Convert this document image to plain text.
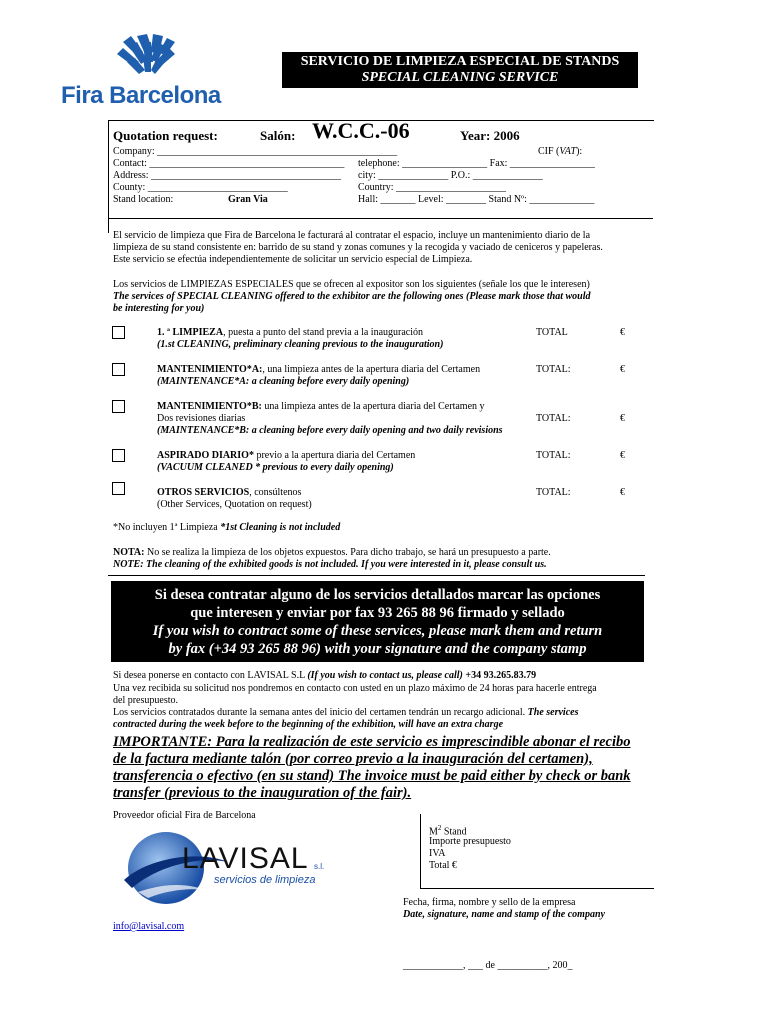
Fira Barcelona
SERVICIO DE LIMPIEZA ESPECIAL DE STANDS
SPECIAL CLEANING SERVICE
Quotation request:	Salón: W.C.C.-06	Year: 2006
Company: ________________________________________________	CIF (VAT):
Contact: _______________________________________ telephone: _________________ Fax: _________________
Address: ______________________________________ city: ______________ P.O.: ______________
County: ____________________________	Country: ______________________
Stand location:	Gran Via	Hall: _______ Level: ________ Stand Nº: _____________
El servicio de limpieza que Fira de Barcelona le facturará al contratar el espacio, incluye un mantenimiento diario de la
limpieza de su stand consistente en: barrido de su stand y zonas comunes y la recogida y vaciado de ceniceros y papeleras.
Este servicio se efectúa independientemente de solicitar un servicio especial de Limpieza.
Los servicios de LIMPIEZAS ESPECIALES que se ofrecen al expositor son los siguientes (señale los que le interesen)
The services of SPECIAL CLEANING offered to the exhibitor are the following ones (Please mark those that would
be interesting for you)
1. ª LIMPIEZA, puesta a punto del stand previa a la inauguración
(1.st CLEANING, preliminary cleaning previous to the inauguration)
TOTAL	€
MANTENIMIENTO*A:, una limpieza antes de la apertura diaria del Certamen
(MAINTENANCE*A: a cleaning before every daily opening)
TOTAL:	€
MANTENIMIENTO*B: una limpieza antes de la apertura diaria del Certamen y
Dos revisiones diarias
(MAINTENANCE*B: a cleaning before every daily opening and two daily revisions
TOTAL:	€
ASPIRADO DIARIO* previo a la apertura diaria del Certamen
(VACUUM CLEANED * previous to every daily opening)
TOTAL:	€
OTROS SERVICIOS, consúltenos
(Other Services, Quotation on request)
TOTAL:	€
*No incluyen 1ª Limpieza *1st Cleaning is not included
NOTA: No se realiza la limpieza de los objetos expuestos. Para dicho trabajo, se hará un presupuesto a parte.
NOTE: The cleaning of the exhibited goods is not included. If you were interested in it, please consult us.
Si desea contratar alguno de los servicios detallados marcar las opciones
que interesen y enviar por fax 93 265 88 96 firmado y sellado
If you wish to contract some of these services, please mark them and return
by fax (+34 93 265 88 96) with your signature and the company stamp
Si desea ponerse en contacto con LAVISAL S.L (If you wish to contact us, please call) +34 93.265.83.79
Una vez recibida su solicitud nos pondremos en contacto con usted en un plazo máximo de 24 horas para hacerle entrega
del presupuesto.
Los servicios contratados durante la semana antes del inicio del certamen tendrán un recargo adicional. The services
contracted during the week before to the beginning of the exhibition, will have an extra charge
IMPORTANTE: Para la realización de este servicio es imprescindible abonar el recibo
de la factura mediante talón (por correo previo a la inauguración del certamen),
transferencia o efectivo (en su stand) The invoice must be paid either by check or bank
transfer (previous to the inauguration of the fair).
Proveedor oficial Fira de Barcelona
LAVISAL s.l.
servicios de limpieza
$M^2$ Stand
Importe presupuesto
IVA
Total €
Fecha, firma, nombre y sello de la empresa
Date, signature, name and stamp of the company
info@lavisal.com
____________, ___ de __________, 200_
